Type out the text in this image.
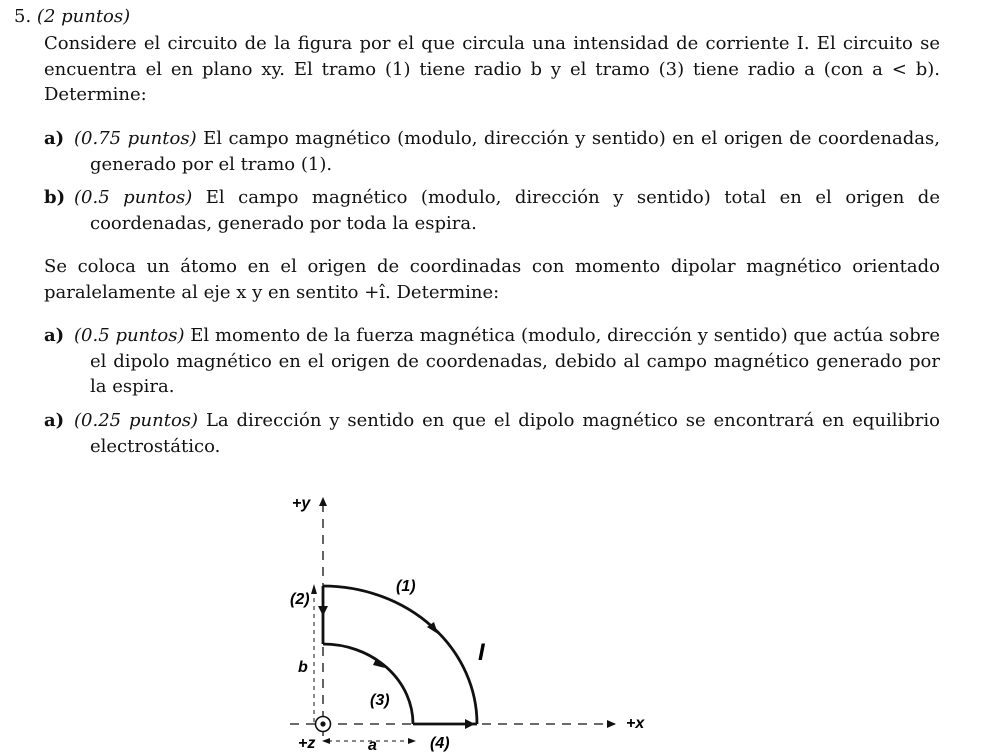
5. (2 puntos)
Considere el circuito de la figura por el que circula una intensidad de corriente I. El circuito se encuentra el en plano xy. El tramo (1) tiene radio b y el tramo (3) tiene radio a (con a < b). Determine:
a) (0.75 puntos) El campo magnético (modulo, dirección y sentido) en el origen de coordenadas, generado por el tramo (1).
b) (0.5 puntos) El campo magnético (modulo, dirección y sentido) total en el origen de coordenadas, generado por toda la espira.
Se coloca un átomo en el origen de coordinadas con momento dipolar magnético orientado paralelamente al eje x y en sentito +î. Determine:
a) (0.5 puntos) El momento de la fuerza magnética (modulo, dirección y sentido) que actúa sobre el dipolo magnético en el origen de coordenadas, debido al campo magnético generado por la espira.
a) (0.25 puntos) La dirección y sentido en que el dipolo magnético se encontrará en equilibrio electrostático.
+y
+x
+z
(1)
(2)
(3)
(4)
b
a
I
